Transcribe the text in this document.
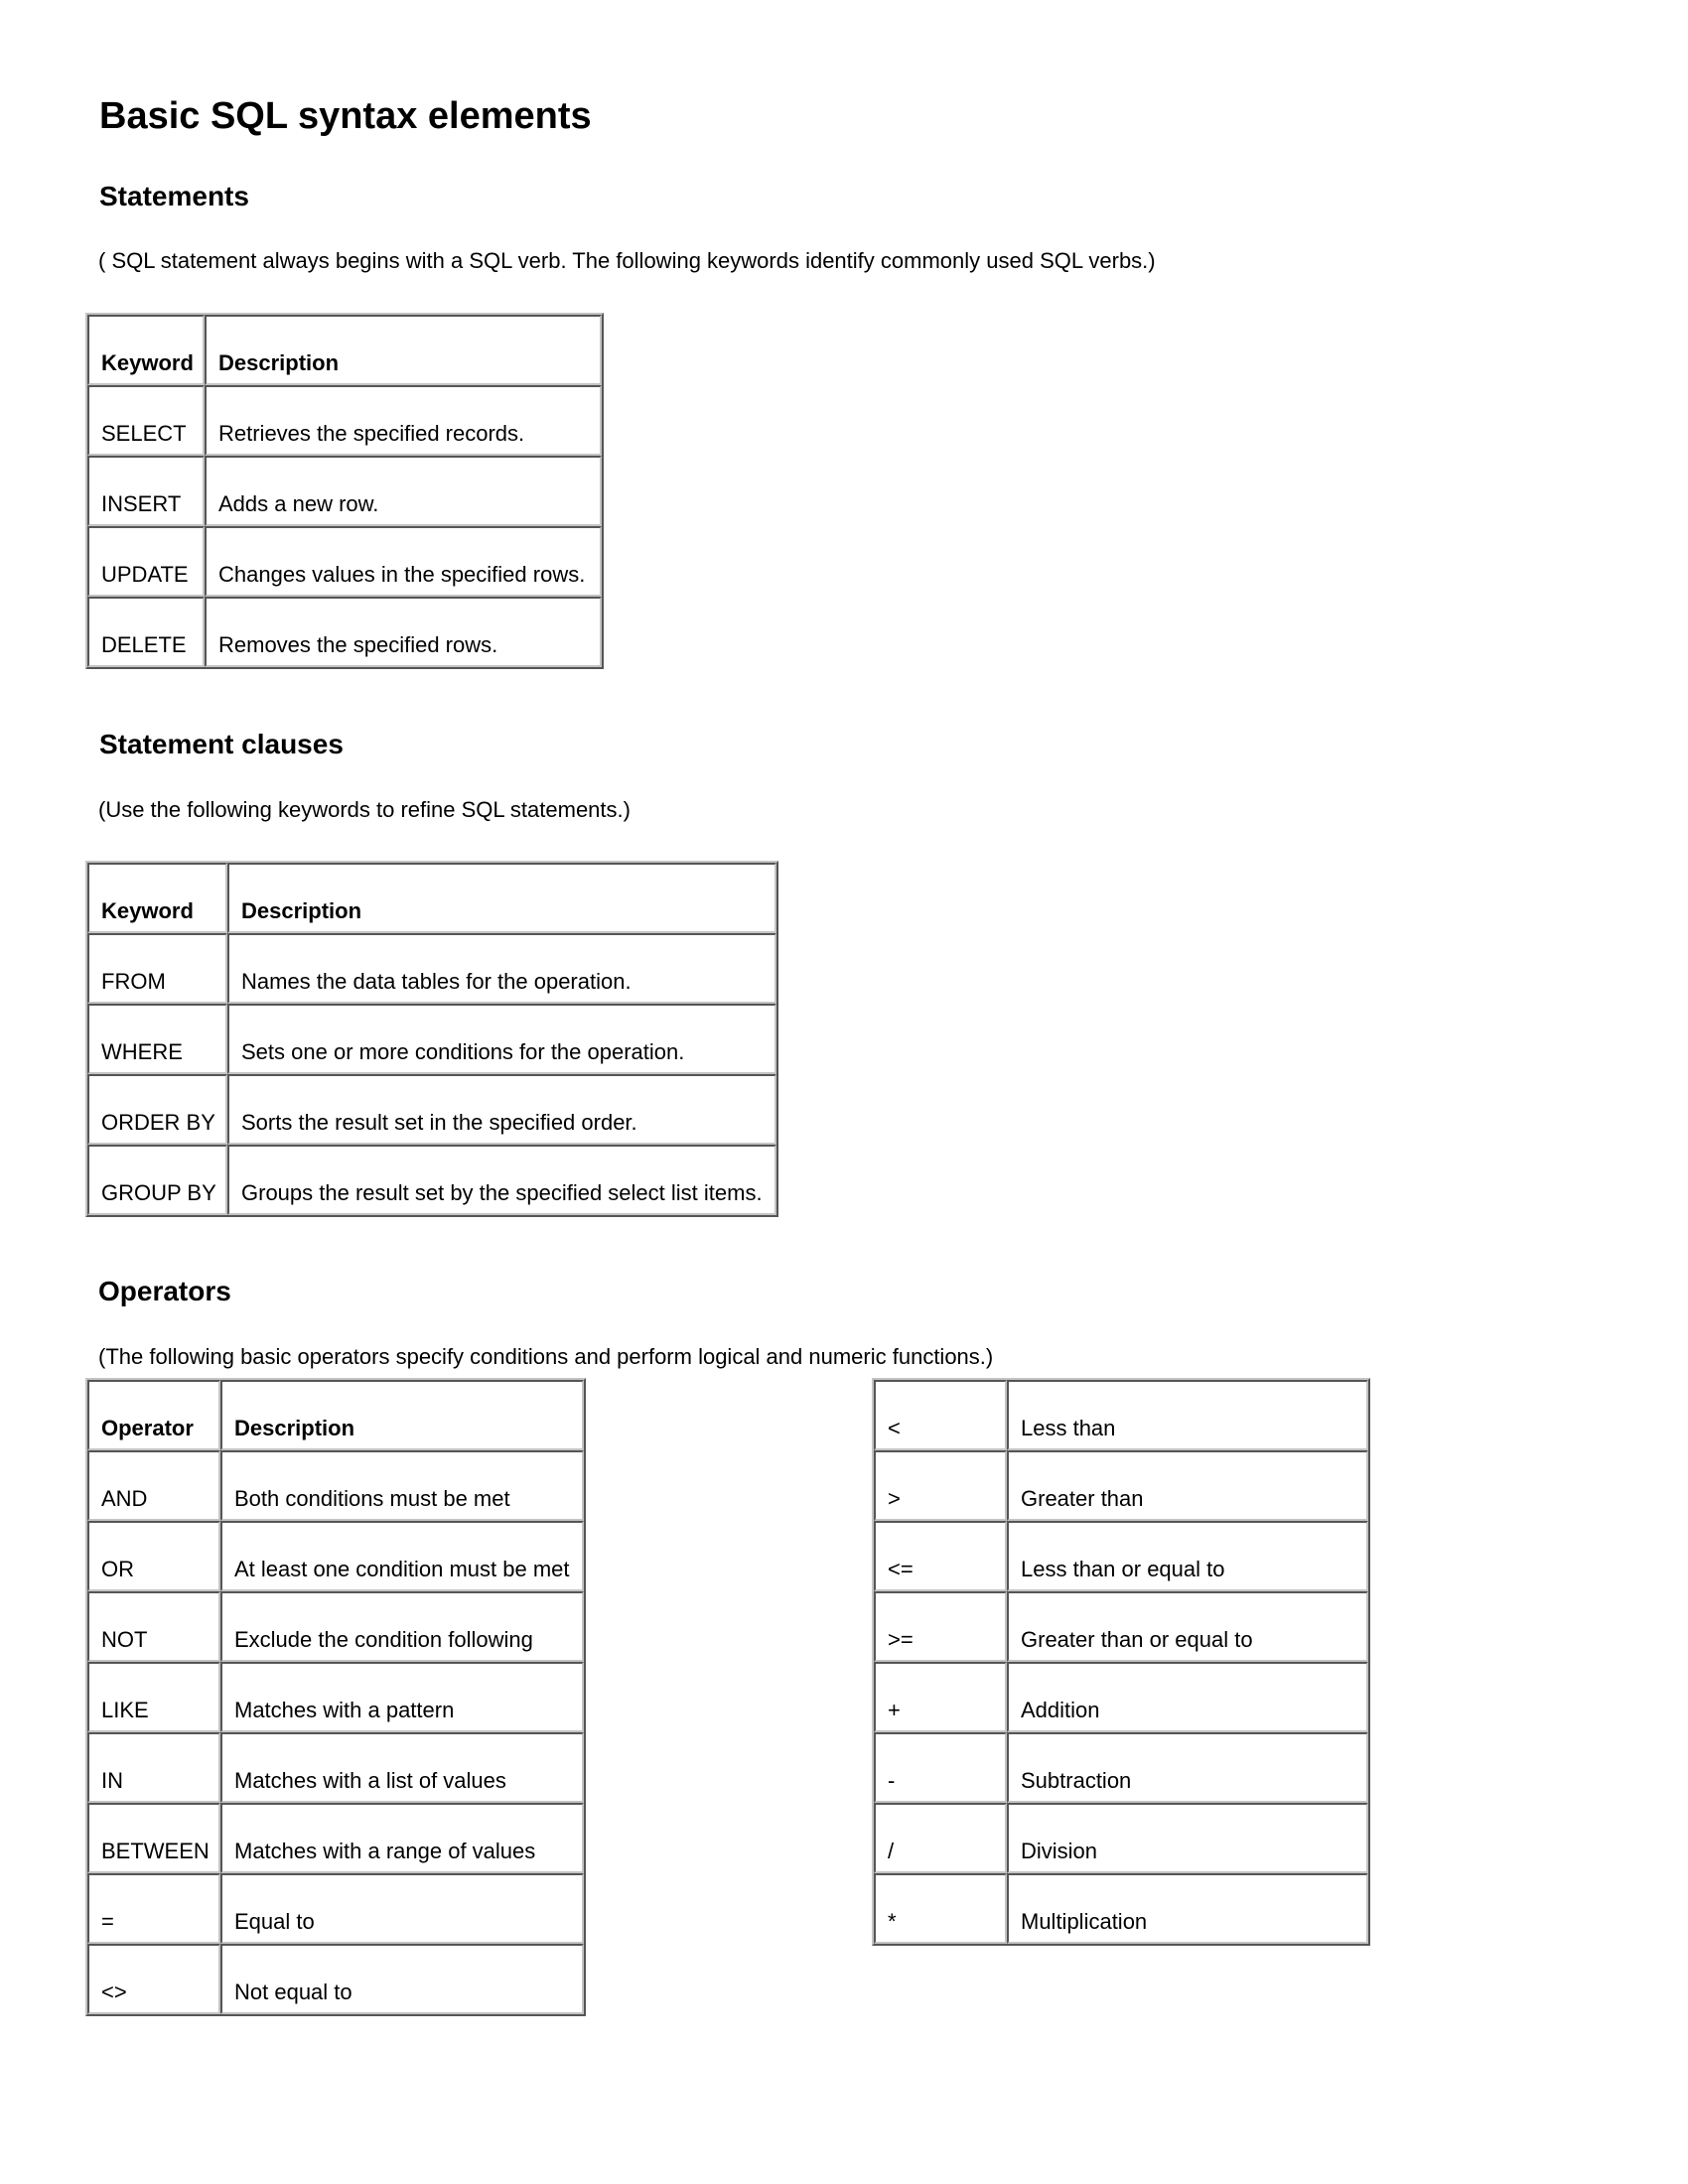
Basic SQL syntax elements
Statements
( SQL statement always begins with a SQL verb. The following keywords identify commonly used SQL verbs.)
Keyword	Description
SELECT	Retrieves the specified records.
INSERT	Adds a new row.
UPDATE	Changes values in the specified rows.
DELETE	Removes the specified rows.
Statement clauses
(Use the following keywords to refine SQL statements.)
Keyword	Description
FROM	Names the data tables for the operation.
WHERE	Sets one or more conditions for the operation.
ORDER BY	Sorts the result set in the specified order.
GROUP BY	Groups the result set by the specified select list items.
Operators
(The following basic operators specify conditions and perform logical and numeric functions.)
Operator	Description
AND	Both conditions must be met
OR	At least one condition must be met
NOT	Exclude the condition following
LIKE	Matches with a pattern
IN	Matches with a list of values
BETWEEN	Matches with a range of values
=	Equal to
<>	Not equal to
<	Less than
>	Greater than
<=	Less than or equal to
>=	Greater than or equal to
+	Addition
-	Subtraction
/	Division
*	Multiplication
